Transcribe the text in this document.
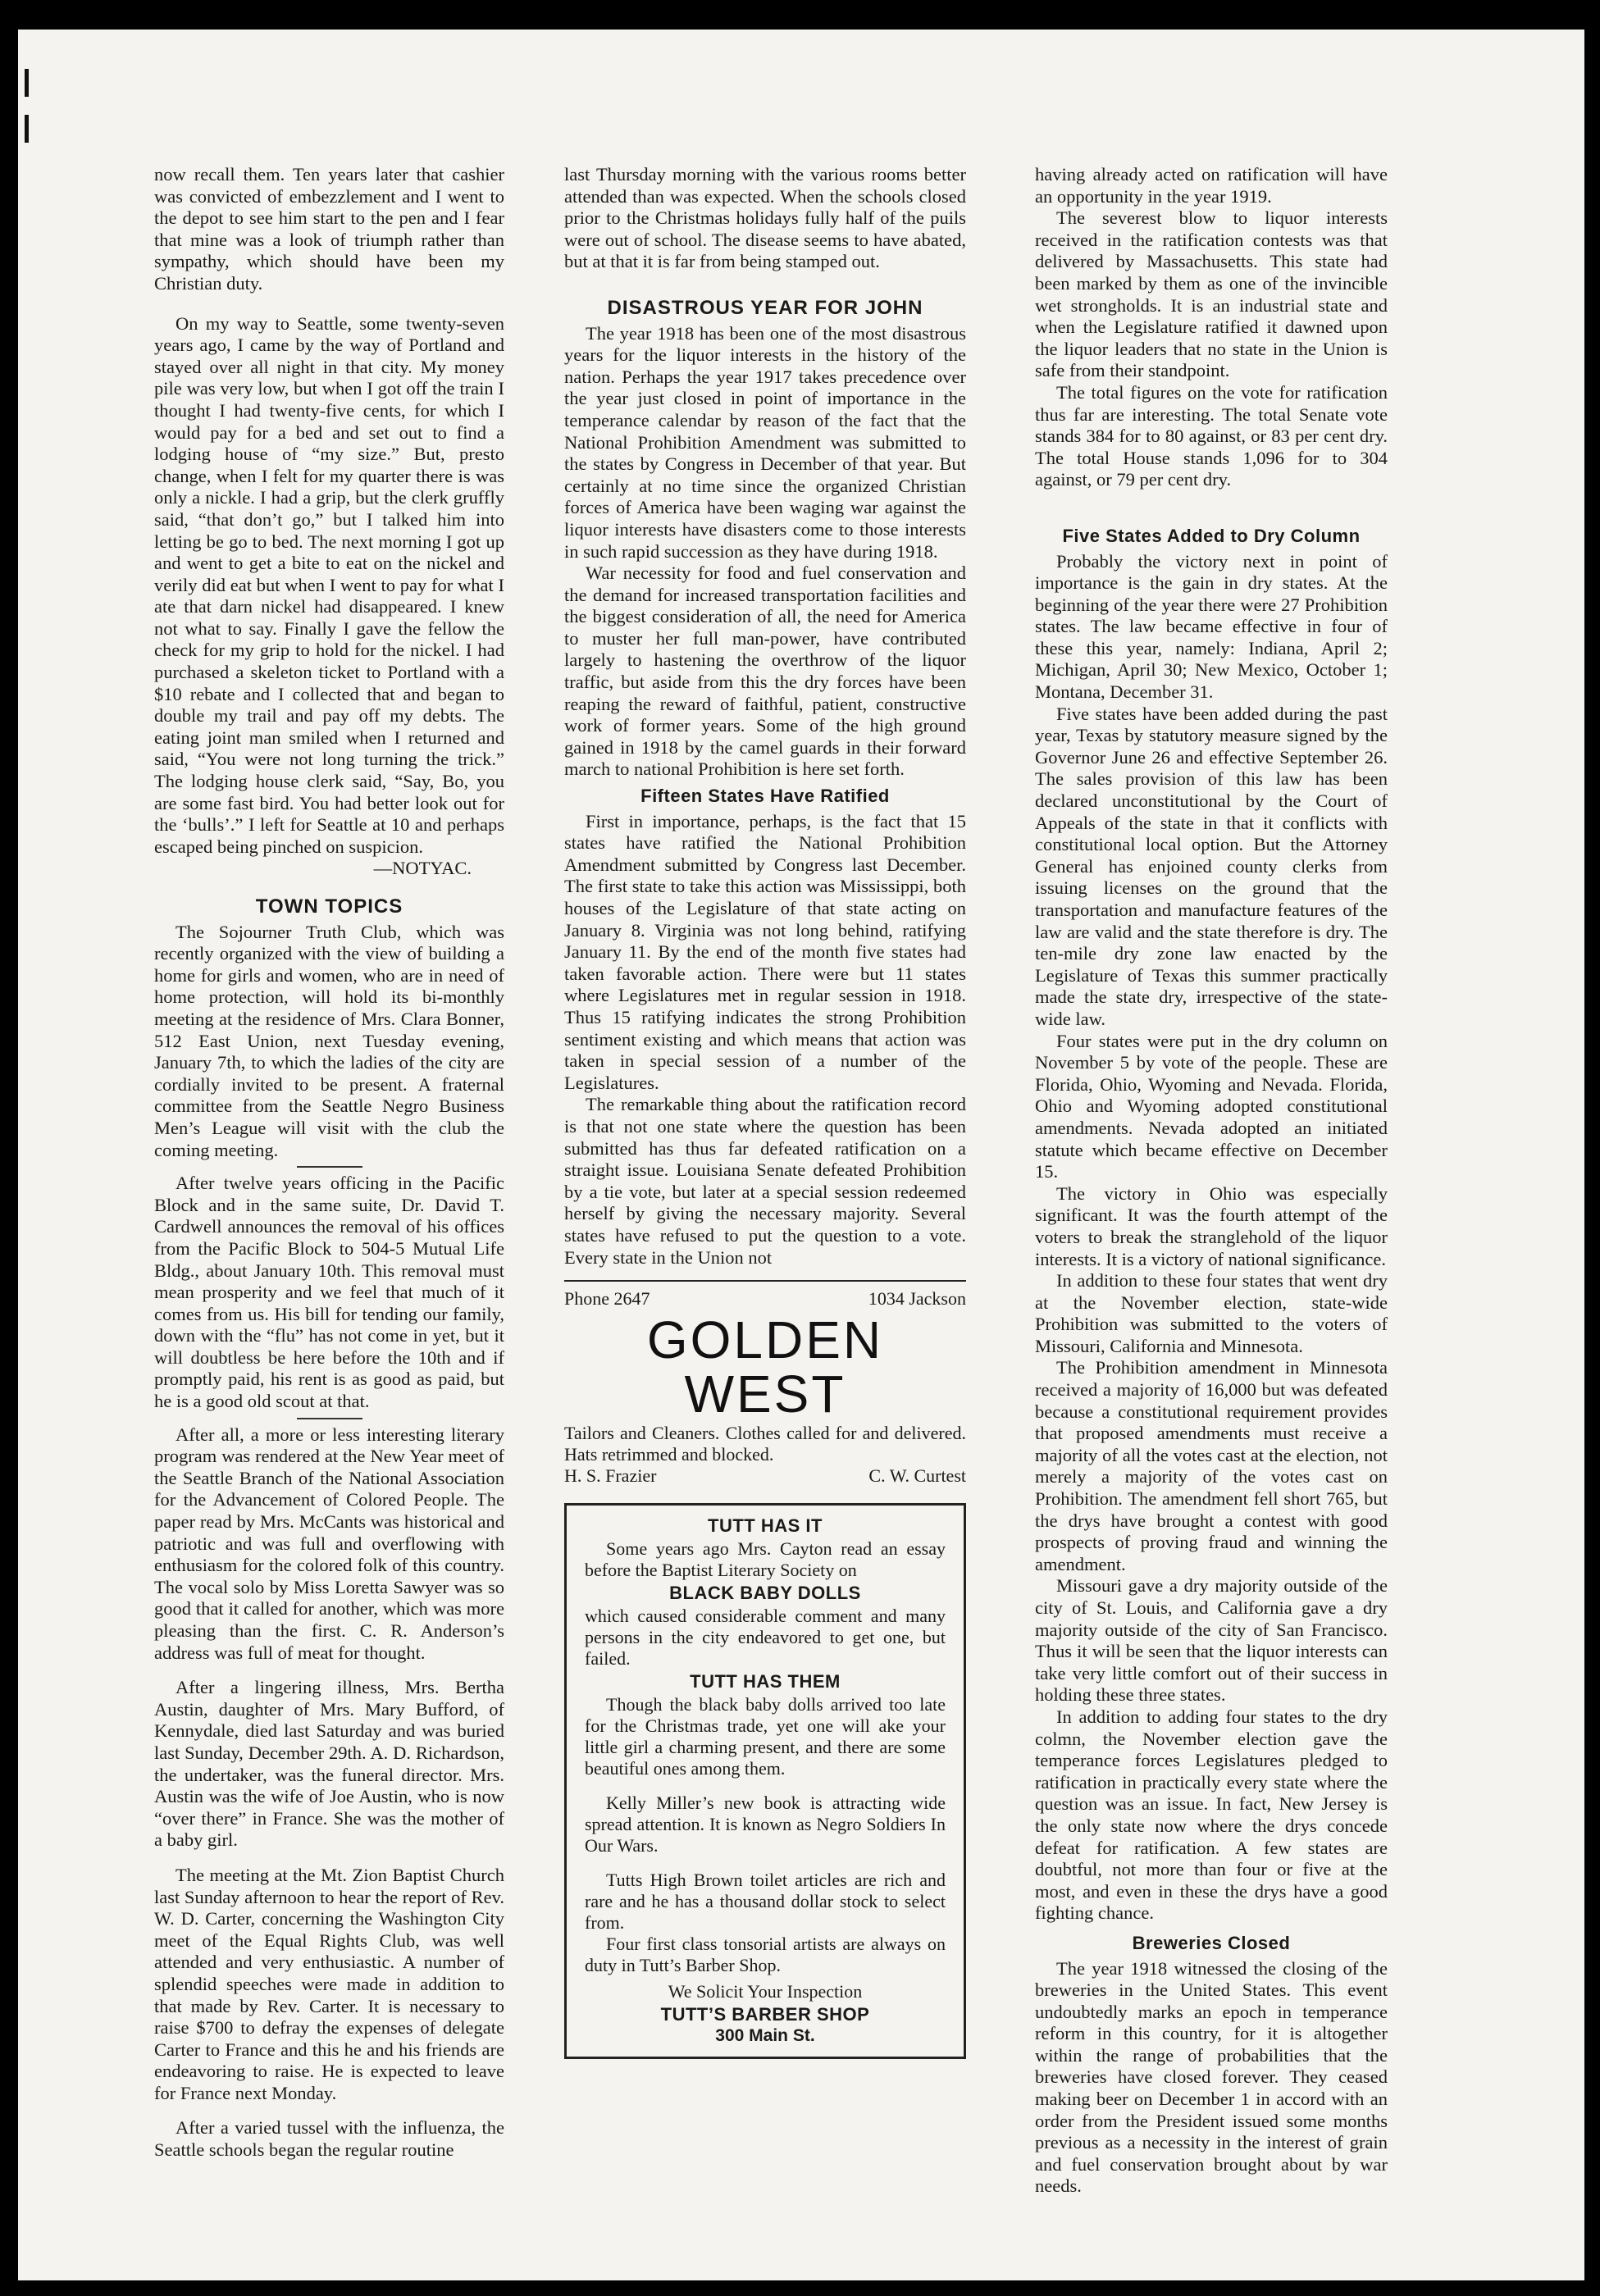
now recall them. Ten years later that cashier was convicted of embezzlement and I went to the depot to see him start to the pen and I fear that mine was a look of triumph rather than sympathy, which should have been my Christian duty.

On my way to Seattle, some twenty-seven years ago, I came by the way of Portland and stayed over all night in that city. My money pile was very low, but when I got off the train I thought I had twenty-five cents, for which I would pay for a bed and set out to find a lodging house of “my size.” But, presto change, when I felt for my quarter there is was only a nickle. I had a grip, but the clerk gruffly said, “that don’t go,” but I talked him into letting be go to bed. The next morning I got up and went to get a bite to eat on the nickel and verily did eat but when I went to pay for what I ate that darn nickel had disappeared. I knew not what to say. Finally I gave the fellow the check for my grip to hold for the nickel. I had purchased a skeleton ticket to Portland with a $10 rebate and I collected that and began to double my trail and pay off my debts. The eating joint man smiled when I returned and said, “You were not long turning the trick.” The lodging house clerk said, “Say, Bo, you are some fast bird. You had better look out for the ‘bulls’.” I left for Seattle at 10 and perhaps escaped being pinched on suspicion.

—NOTYAC.

TOWN TOPICS

The Sojourner Truth Club, which was recently organized with the view of building a home for girls and women, who are in need of home protection, will hold its bi-monthly meeting at the residence of Mrs. Clara Bonner, 512 East Union, next Tuesday evening, January 7th, to which the ladies of the city are cordially invited to be present. A fraternal committee from the Seattle Negro Business Men’s League will visit with the club the coming meeting.

After twelve years officing in the Pacific Block and in the same suite, Dr. David T. Cardwell announces the removal of his offices from the Pacific Block to 504-5 Mutual Life Bldg., about January 10th. This removal must mean prosperity and we feel that much of it comes from us. His bill for tending our family, down with the “flu” has not come in yet, but it will doubtless be here before the 10th and if promptly paid, his rent is as good as paid, but he is a good old scout at that.

After all, a more or less interesting literary program was rendered at the New Year meet of the Seattle Branch of the National Association for the Advancement of Colored People. The paper read by Mrs. McCants was historical and patriotic and was full and overflowing with enthusiasm for the colored folk of this country. The vocal solo by Miss Loretta Sawyer was so good that it called for another, which was more pleasing than the first. C. R. Anderson’s address was full of meat for thought.

After a lingering illness, Mrs. Bertha Austin, daughter of Mrs. Mary Bufford, of Kennydale, died last Saturday and was buried last Sunday, December 29th. A. D. Richardson, the undertaker, was the funeral director. Mrs. Austin was the wife of Joe Austin, who is now “over there” in France. She was the mother of a baby girl.

The meeting at the Mt. Zion Baptist Church last Sunday afternoon to hear the report of Rev. W. D. Carter, concerning the Washington City meet of the Equal Rights Club, was well attended and very enthusiastic. A number of splendid speeches were made in addition to that made by Rev. Carter. It is necessary to raise $700 to defray the expenses of delegate Carter to France and this he and his friends are endeavoring to raise. He is expected to leave for France next Monday.

After a varied tussel with the influenza, the Seattle schools began the regular routine

last Thursday morning with the various rooms better attended than was expected. When the schools closed prior to the Christmas holidays fully half of the puils were out of school. The disease seems to have abated, but at that it is far from being stamped out.

DISASTROUS YEAR FOR JOHN

The year 1918 has been one of the most disastrous years for the liquor interests in the history of the nation. Perhaps the year 1917 takes precedence over the year just closed in point of importance in the temperance calendar by reason of the fact that the National Prohibition Amendment was submitted to the states by Congress in December of that year. But certainly at no time since the organized Christian forces of America have been waging war against the liquor interests have disasters come to those interests in such rapid succession as they have during 1918.

War necessity for food and fuel conservation and the demand for increased transportation facilities and the biggest consideration of all, the need for America to muster her full man-power, have contributed largely to hastening the overthrow of the liquor traffic, but aside from this the dry forces have been reaping the reward of faithful, patient, constructive work of former years. Some of the high ground gained in 1918 by the camel guards in their forward march to national Prohibition is here set forth.

Fifteen States Have Ratified

First in importance, perhaps, is the fact that 15 states have ratified the National Prohibition Amendment submitted by Congress last December. The first state to take this action was Mississippi, both houses of the Legislature of that state acting on January 8. Virginia was not long behind, ratifying January 11. By the end of the month five states had taken favorable action. There were but 11 states where Legislatures met in regular session in 1918. Thus 15 ratifying indicates the strong Prohibition sentiment existing and which means that action was taken in special session of a number of the Legislatures.

The remarkable thing about the ratification record is that not one state where the question has been submitted has thus far defeated ratification on a straight issue. Louisiana Senate defeated Prohibition by a tie vote, but later at a special session redeemed herself by giving the necessary majority. Several states have refused to put the question to a vote. Every state in the Union not

Phone 2647	1034 Jackson
GOLDEN WEST
Tailors and Cleaners. Clothes called for and delivered. Hats retrimmed and blocked.
H. S. Frazier	C. W. Curtest
TUTT HAS IT

Some years ago Mrs. Cayton read an essay before the Baptist Literary Society on

BLACK BABY DOLLS

which caused considerable comment and many persons in the city endeavored to get one, but failed.

TUTT HAS THEM

Though the black baby dolls arrived too late for the Christmas trade, yet one will ake your little girl a charming present, and there are some beautiful ones among them.

Kelly Miller’s new book is attracting wide spread attention. It is known as Negro Soldiers In Our Wars.

Tutts High Brown toilet articles are rich and rare and he has a thousand dollar stock to select from.

Four first class tonsorial artists are always on duty in Tutt’s Barber Shop.

We Solicit Your Inspection
TUTT’S BARBER SHOP
300 Main St.

having already acted on ratification will have an opportunity in the year 1919.

The severest blow to liquor interests received in the ratification contests was that delivered by Massachusetts. This state had been marked by them as one of the invincible wet strongholds. It is an industrial state and when the Legislature ratified it dawned upon the liquor leaders that no state in the Union is safe from their standpoint.

The total figures on the vote for ratification thus far are interesting. The total Senate vote stands 384 for to 80 against, or 83 per cent dry. The total House stands 1,096 for to 304 against, or 79 per cent dry.

Five States Added to Dry Column

Probably the victory next in point of importance is the gain in dry states. At the beginning of the year there were 27 Prohibition states. The law became effective in four of these this year, namely: Indiana, April 2; Michigan, April 30; New Mexico, October 1; Montana, December 31.

Five states have been added during the past year, Texas by statutory measure signed by the Governor June 26 and effective September 26. The sales provision of this law has been declared unconstitutional by the Court of Appeals of the state in that it conflicts with constitutional local option. But the Attorney General has enjoined county clerks from issuing licenses on the ground that the transportation and manufacture features of the law are valid and the state therefore is dry. The ten-mile dry zone law enacted by the Legislature of Texas this summer practically made the state dry, irrespective of the state-wide law.

Four states were put in the dry column on November 5 by vote of the people. These are Florida, Ohio, Wyoming and Nevada. Florida, Ohio and Wyoming adopted constitutional amendments. Nevada adopted an initiated statute which became effective on December 15.

The victory in Ohio was especially significant. It was the fourth attempt of the voters to break the stranglehold of the liquor interests. It is a victory of national significance.

In addition to these four states that went dry at the November election, state-wide Prohibition was submitted to the voters of Missouri, California and Minnesota.

The Prohibition amendment in Minnesota received a majority of 16,000 but was defeated because a constitutional requirement provides that proposed amendments must receive a majority of all the votes cast at the election, not merely a majority of the votes cast on Prohibition. The amendment fell short 765, but the drys have brought a contest with good prospects of proving fraud and winning the amendment.

Missouri gave a dry majority outside of the city of St. Louis, and California gave a dry majority outside of the city of San Francisco. Thus it will be seen that the liquor interests can take very little comfort out of their success in holding these three states.

In addition to adding four states to the dry colmn, the November election gave the temperance forces Legislatures pledged to ratification in practically every state where the question was an issue. In fact, New Jersey is the only state now where the drys concede defeat for ratification. A few states are doubtful, not more than four or five at the most, and even in these the drys have a good fighting chance.

Breweries Closed

The year 1918 witnessed the closing of the breweries in the United States. This event undoubtedly marks an epoch in temperance reform in this country, for it is altogether within the range of probabilities that the breweries have closed forever. They ceased making beer on December 1 in accord with an order from the President issued some months previous as a necessity in the interest of grain and fuel conservation brought about by war needs.
